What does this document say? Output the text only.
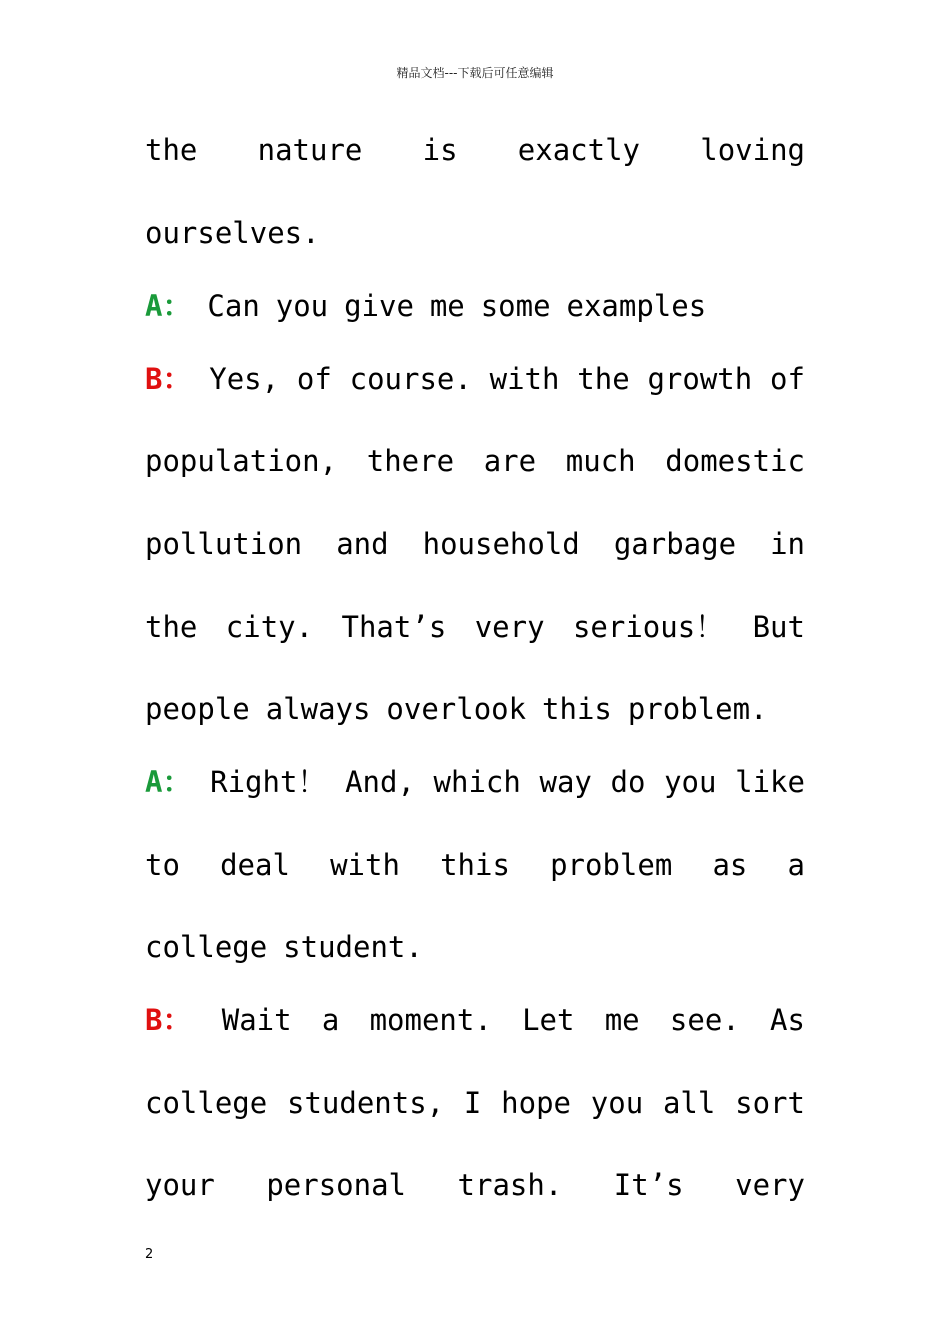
精品文档---下载后可任意编辑
the nature is exactly loving
ourselves.
A： Can you give me some examples
B： Yes, of course. with the growth of
population, there are much domestic
pollution and household garbage in
the city. That’s very serious！ But
people always overlook this problem.
A： Right！ And, which way do you like
to deal with this problem as a
college student.
B： Wait a moment. Let me see. As
college students, I hope you all sort
your personal trash. It’s very
2
